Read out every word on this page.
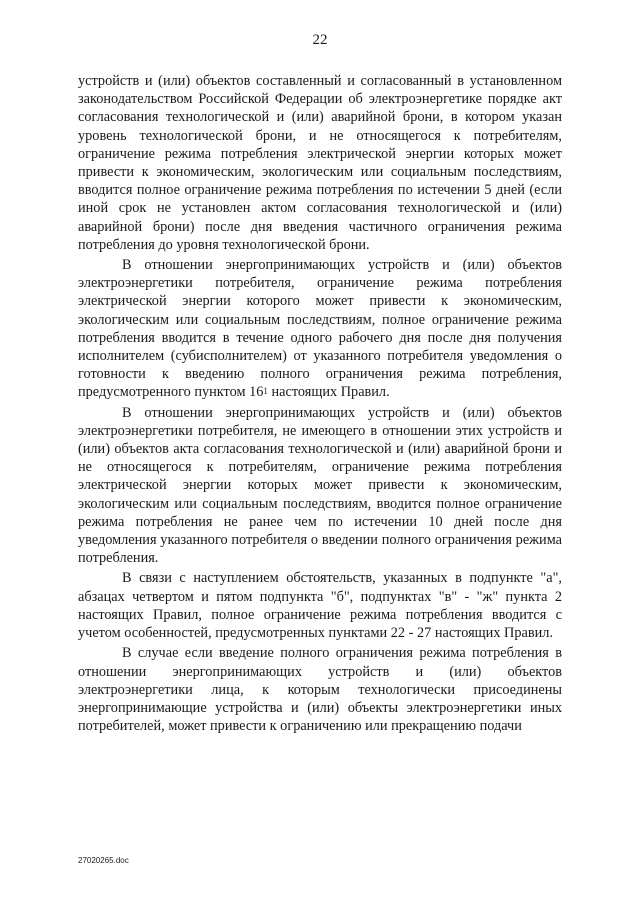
22

устройств и (или) объектов составленный и согласованный в установленном законодательством Российской Федерации об электроэнергетике порядке акт согласования технологической и (или) аварийной брони, в котором указан уровень технологической брони, и не относящегося к потребителям, ограничение режима потребления электрической энергии которых может привести к экономическим, экологическим или социальным последствиям, вводится полное ограничение режима потребления по истечении 5 дней (если иной срок не установлен актом согласования технологической и (или) аварийной брони) после дня введения частичного ограничения режима потребления до уровня технологической брони.

В отношении энергопринимающих устройств и (или) объектов электроэнергетики потребителя, ограничение режима потребления электрической энергии которого может привести к экономическим, экологическим или социальным последствиям, полное ограничение режима потребления вводится в течение одного рабочего дня после дня получения исполнителем (субисполнителем) от указанного потребителя уведомления о готовности к введению полного ограничения режима потребления, предусмотренного пунктом $16^1$ настоящих Правил.

В отношении энергопринимающих устройств и (или) объектов электроэнергетики потребителя, не имеющего в отношении этих устройств и (или) объектов акта согласования технологической и (или) аварийной брони и не относящегося к потребителям, ограничение режима потребления электрической энергии которых может привести к экономическим, экологическим или социальным последствиям, вводится полное ограничение режима потребления не ранее чем по истечении 10 дней после дня уведомления указанного потребителя о введении полного ограничения режима потребления.

В связи с наступлением обстоятельств, указанных в подпункте "а", абзацах четвертом и пятом подпункта "б", подпунктах "в" - "ж" пункта 2 настоящих Правил, полное ограничение режима потребления вводится с учетом особенностей, предусмотренных пунктами 22 - 27 настоящих Правил.

В случае если введение полного ограничения режима потребления в отношении энергопринимающих устройств и (или) объектов электроэнергетики лица, к которым технологически присоединены энергопринимающие устройства и (или) объекты электроэнергетики иных потребителей, может привести к ограничению или прекращению подачи

27020265.doc
